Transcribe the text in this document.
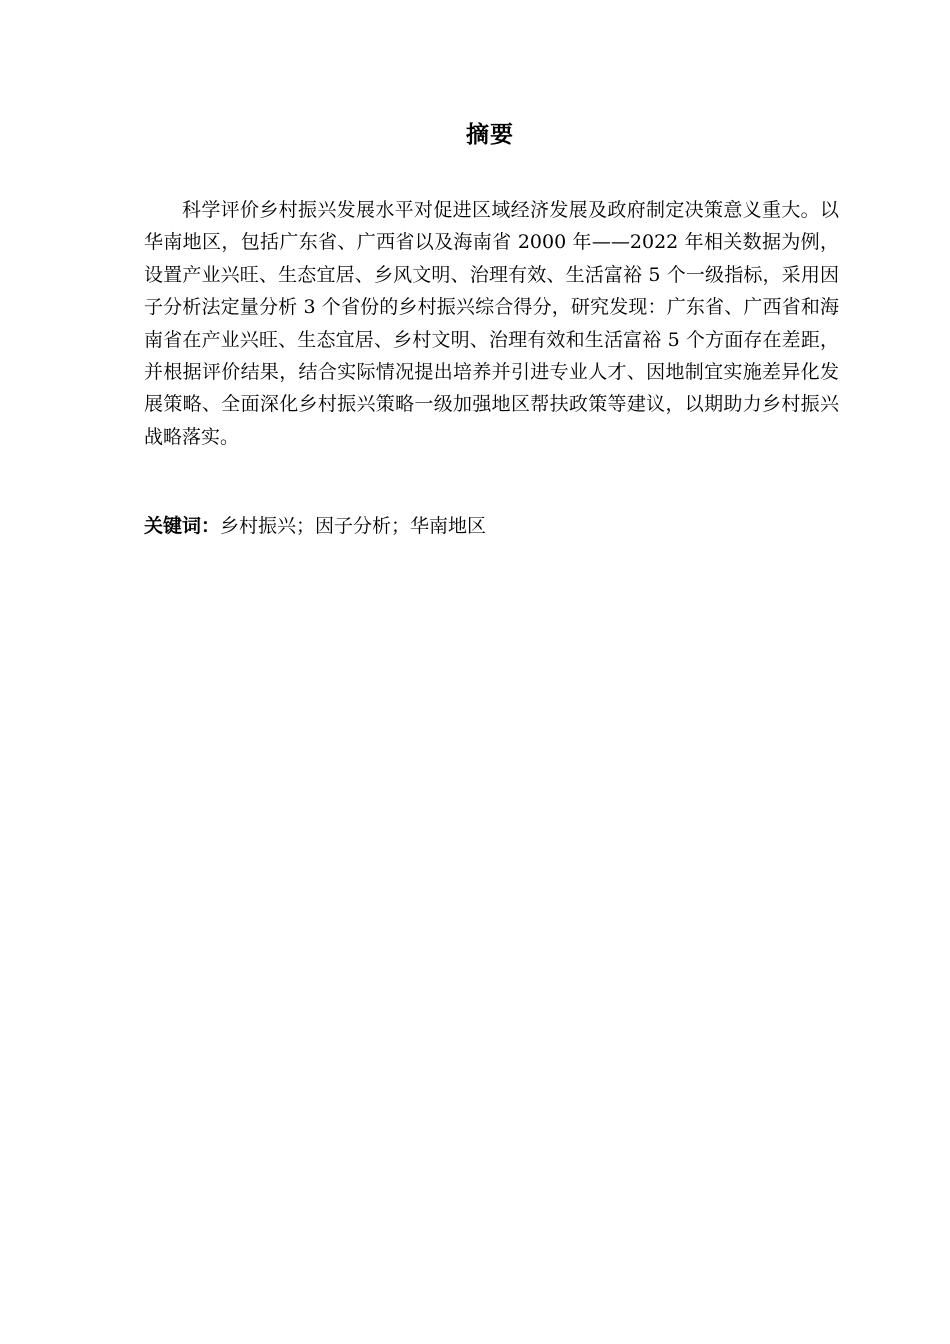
摘要

科学评价乡村振兴发展水平对促进区域经济发展及政府制定决策意义重大。以华南地区，包括广东省、广西省以及海南省 2000 年——2022 年相关数据为例，设置产业兴旺、生态宜居、乡风文明、治理有效、生活富裕 5 个一级指标，采用因子分析法定量分析 3 个省份的乡村振兴综合得分，研究发现：广东省、广西省和海南省在产业兴旺、生态宜居、乡村文明、治理有效和生活富裕 5 个方面存在差距，并根据评价结果，结合实际情况提出培养并引进专业人才、因地制宜实施差异化发展策略、全面深化乡村振兴策略一级加强地区帮扶政策等建议，以期助力乡村振兴战略落实。

关键词：乡村振兴；因子分析；华南地区
